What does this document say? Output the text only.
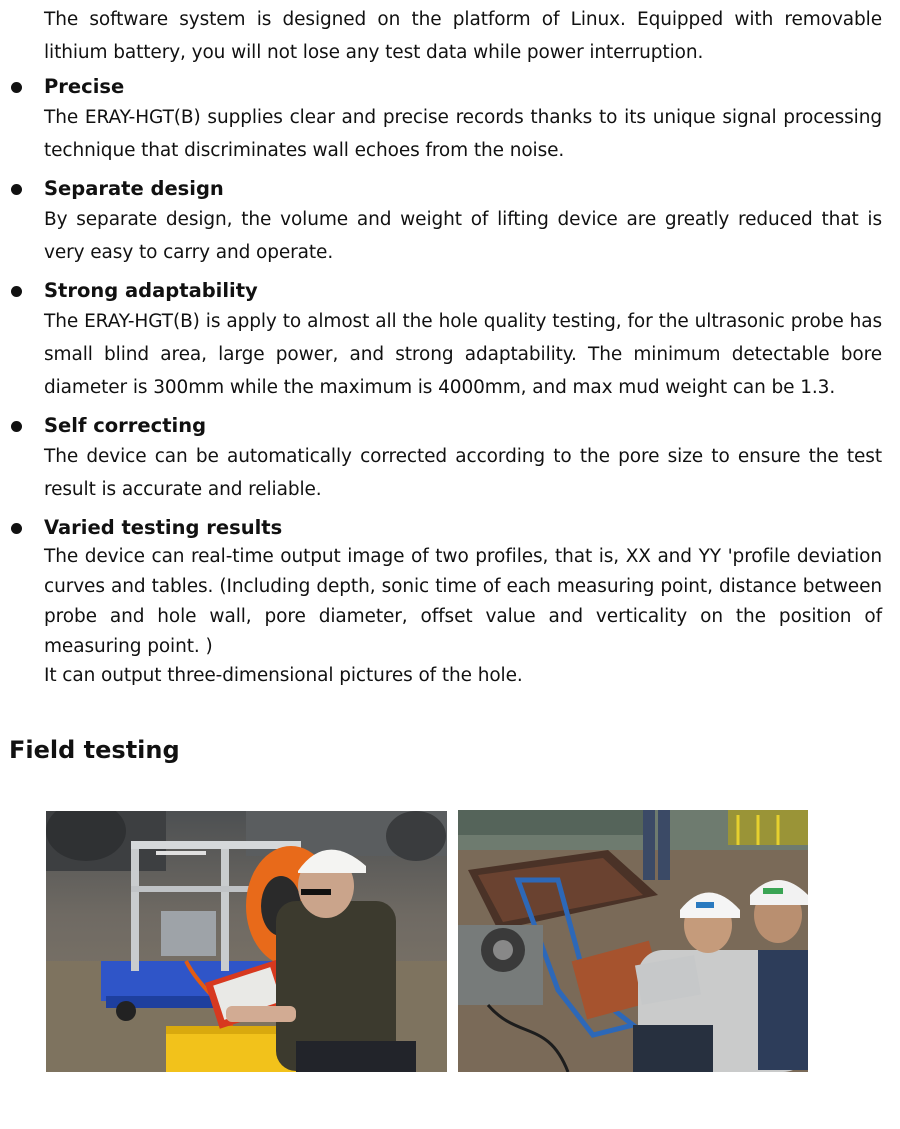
The software system is designed on the platform of Linux. Equipped with removable lithium battery, you will not lose any test data while power interruption.

Precise

The ERAY-HGT(B) supplies clear and precise records thanks to its unique signal processing technique that discriminates wall echoes from the noise.

Separate design

By separate design, the volume and weight of lifting device are greatly reduced that is very easy to carry and operate.

Strong adaptability

The ERAY-HGT(B) is apply to almost all the hole quality testing, for the ultrasonic probe has small blind area, large power, and strong adaptability. The minimum detectable bore diameter is 300mm while the maximum is 4000mm, and max mud weight can be 1.3.

Self correcting

The device can be automatically corrected according to the pore size to ensure the test result is accurate and reliable.

Varied testing results

The device can real-time output image of two profiles, that is, XX and YY 'profile deviation curves and tables. (Including depth, sonic time of each measuring point, distance between probe and hole wall, pore diameter, offset value and verticality on the position of measuring point. )

It can output three-dimensional pictures of the hole.

Field testing
